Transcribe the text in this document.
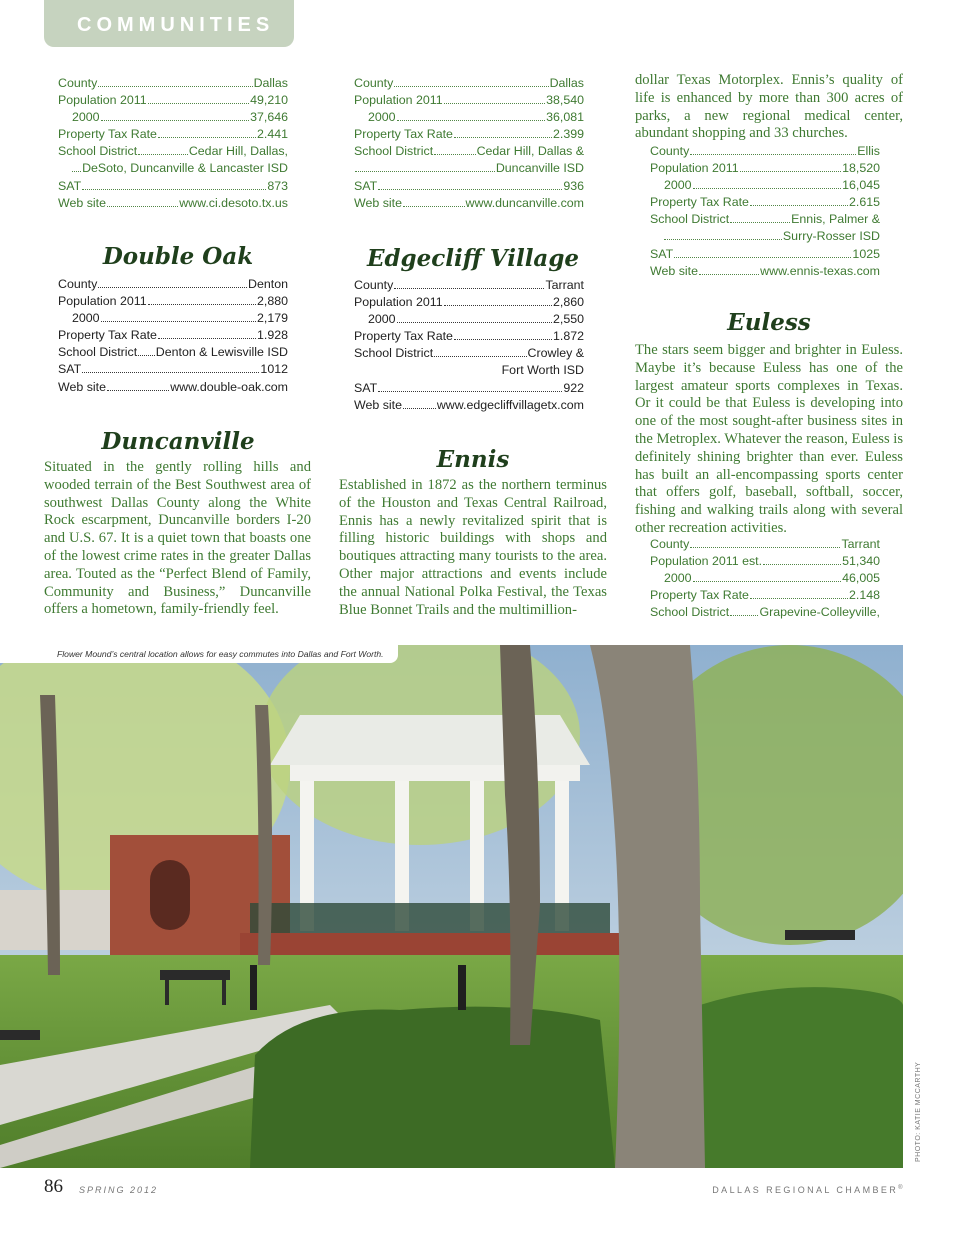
COMMUNITIES
County	Dallas
Population 2011	49,210
2000	37,646
Property Tax Rate	2.441
School District	Cedar Hill, Dallas,
DeSoto, Duncanville & Lancaster ISD
SAT	873
Web site	www.ci.desoto.tx.us
Double Oak
County	Denton
Population 2011	2,880
2000	2,179
Property Tax Rate	1.928
School District Denton & Lewisville ISD
SAT	1012
Web site	www.double-oak.com
Duncanville

Situated in the gently rolling hills and wooded terrain of the Best Southwest area of southwest Dallas County along the White Rock escarpment, Duncanville borders I-20 and U.S. 67. It is a quiet town that boasts one of the lowest crime rates in the greater Dallas area. Touted as the “Perfect Blend of Family, Community and Business,” Duncanville offers a hometown, family-friendly feel.

County	Dallas
Population 2011	38,540
2000	36,081
Property Tax Rate	2.399
School District	Cedar Hill, Dallas &
Duncanville ISD
SAT	936
Web site	www.duncanville.com
Edgecliff Village
County	Tarrant
Population 2011	2,860
2000	2,550
Property Tax Rate	1.872
School District	Crowley &
Fort Worth ISD
SAT	922
Web site	www.edgecliffvillagetx.com
Ennis

Established in 1872 as the northern terminus of the Houston and Texas Central Railroad, Ennis has a newly revitalized spirit that is filling historic buildings with shops and boutiques attracting many tourists to the area. Other major attractions and events include the annual National Polka Festival, the Texas Blue Bonnet Trails and the multimillion-

dollar Texas Motorplex. Ennis’s quality of life is enhanced by more than 300 acres of parks, a new regional medical center, abundant shopping and 33 churches.

County	Ellis
Population 2011	18,520
2000	16,045
Property Tax Rate	2.615
School District	Ennis, Palmer &
Surry-Rosser ISD
SAT	1025
Web site	www.ennis-texas.com
Euless

The stars seem bigger and brighter in Euless. Maybe it’s because Euless has one of the largest amateur sports complexes in Texas. Or it could be that Euless is developing into one of the most sought-after business sites in the Metroplex. Whatever the reason, Euless is definitely shining brighter than ever. Euless has built an all-encompassing sports center that offers golf, baseball, softball, soccer, fishing and walking trails along with several other recreation activities.

County	Tarrant
Population 2011 est.	51,340
2000	46,005
Property Tax Rate	2.148
School District Grapevine-Colleyville,
Flower Mound’s central location allows for easy commutes into Dallas and Fort Worth.
PHOTO: KATIE MCCARTHY
86 SPRING 2012	DALLAS REGIONAL CHAMBER®
